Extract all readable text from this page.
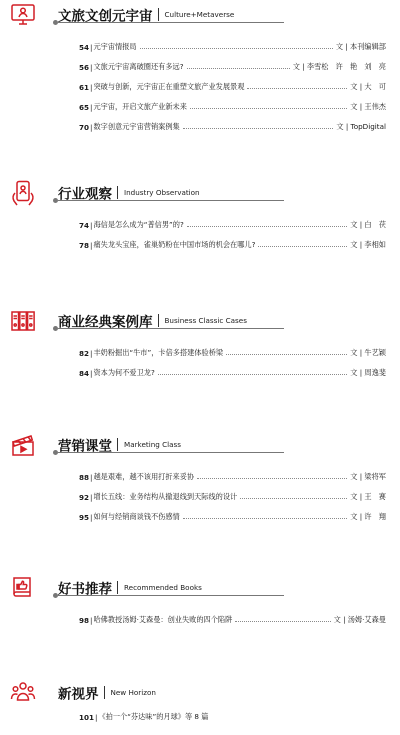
文旅文创元宇宙 Culture+Metaverse
54 | 元宇宙情报局	文 | 本刊编辑部
56 | 文旅元宇宙离破圈还有多远?	文 | 李雪松　许　艳　刘　亮
61 | 突破与创新，元宇宙正在重塑文旅产业发展景观	文 | 大　可
65 | 元宇宙，开启文旅产业新未来	文 | 王伟杰
70 | 数字创意元宇宙营销案例集	文 | TopDigital
行业观察 Industry Observation
74 | 海信是怎么成为“普信男”的?	文 | 白　茯
78 | 痛失龙头宝座，雀巢奶粉在中国市场的机会在哪儿?	文 | 李相如
商业经典案例库 Business Classic Cases
82 | 丰奶粉掘出“牛市”，卡倍多搭建体验桥梁	文 | 牛艺颖
84 | 资本为何不爱卫龙?	文 | 周逸斐
营销课堂 Marketing Class
88 | 越是艰难，越不该用打折来妥协	文 | 梁将军
92 | 增长五线：业务结构从撤退线到天际线的设计	文 | 王　赛
95 | 如何与经销商谈钱不伤感情	文 | 许　翔
好书推荐 Recommended Books
98 | 哈佛教授汤姆·艾森曼：创业失败的四个陷阱	文 | 汤姆·艾森曼
新视界 New Horizon
101 | 《拍一个“芬达味”的月球》等 8 篇
